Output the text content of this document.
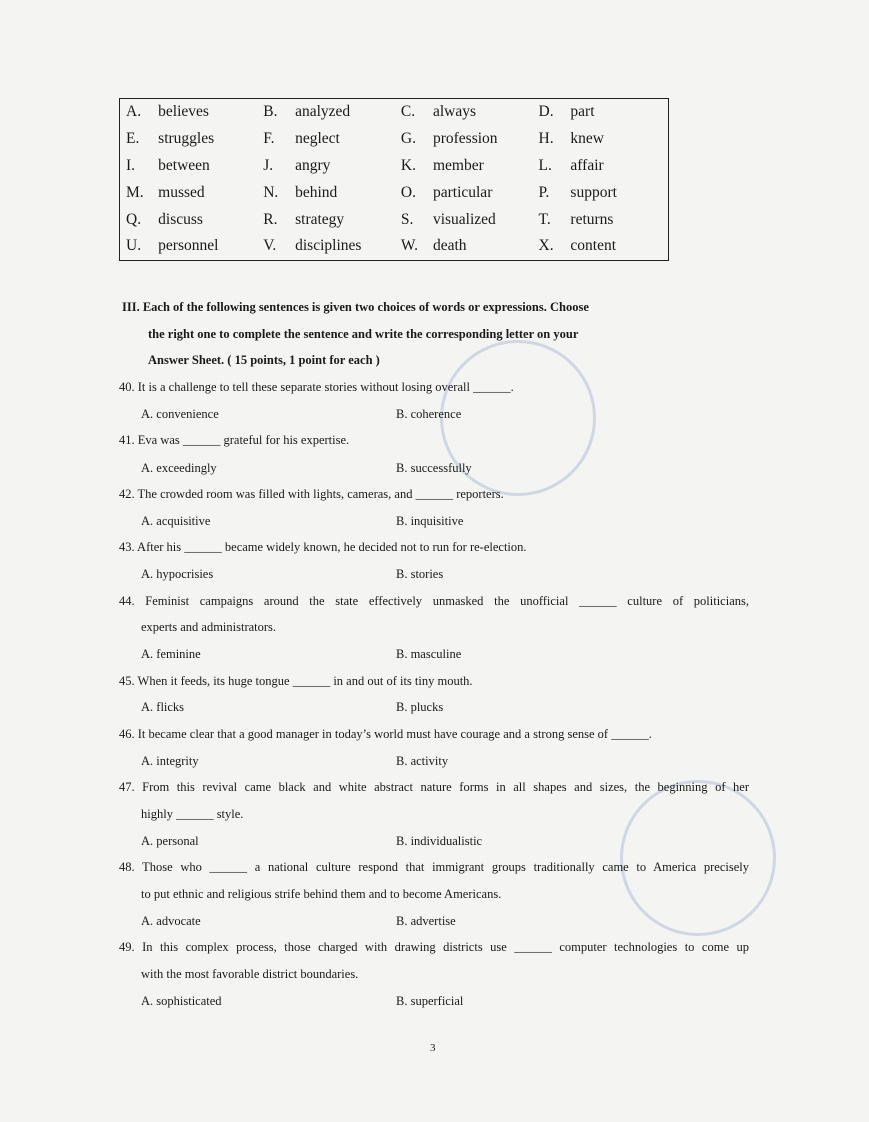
A.	believes	B.	analyzed	C.	always	D.	part
E.	struggles	F.	neglect	G.	profession	H.	knew
I.	between	J.	angry	K.	member	L.	affair
M.	mussed	N.	behind	O.	particular	P.	support
Q.	discuss	R.	strategy	S.	visualized	T.	returns
U.	personnel	V.	disciplines	W.	death	X.	content
III. Each of the following sentences is given two choices of words or expressions. Choose
the right one to complete the sentence and write the corresponding letter on your
Answer Sheet. ( 15 points, 1 point for each )
40. It is a challenge to tell these separate stories without losing overall ______.
A. convenience	B. coherence
41. Eva was ______ grateful for his expertise.
A. exceedingly	B. successfully
42. The crowded room was filled with lights, cameras, and ______ reporters.
A. acquisitive	B. inquisitive
43. After his ______ became widely known, he decided not to run for re-election.
A. hypocrisies	B. stories
44. Feminist campaigns around the state effectively unmasked the unofficial ______ culture of politicians,
experts and administrators.
A. feminine	B. masculine
45. When it feeds, its huge tongue ______ in and out of its tiny mouth.
A. flicks	B. plucks
46. It became clear that a good manager in today’s world must have courage and a strong sense of ______.
A. integrity	B. activity
47. From this revival came black and white abstract nature forms in all shapes and sizes, the beginning of her
highly ______ style.
A. personal	B. individualistic
48. Those who ______ a national culture respond that immigrant groups traditionally came to America precisely
to put ethnic and religious strife behind them and to become Americans.
A. advocate	B. advertise
49. In this complex process, those charged with drawing districts use ______ computer technologies to come up
with the most favorable district boundaries.
A. sophisticated	B. superficial
3
